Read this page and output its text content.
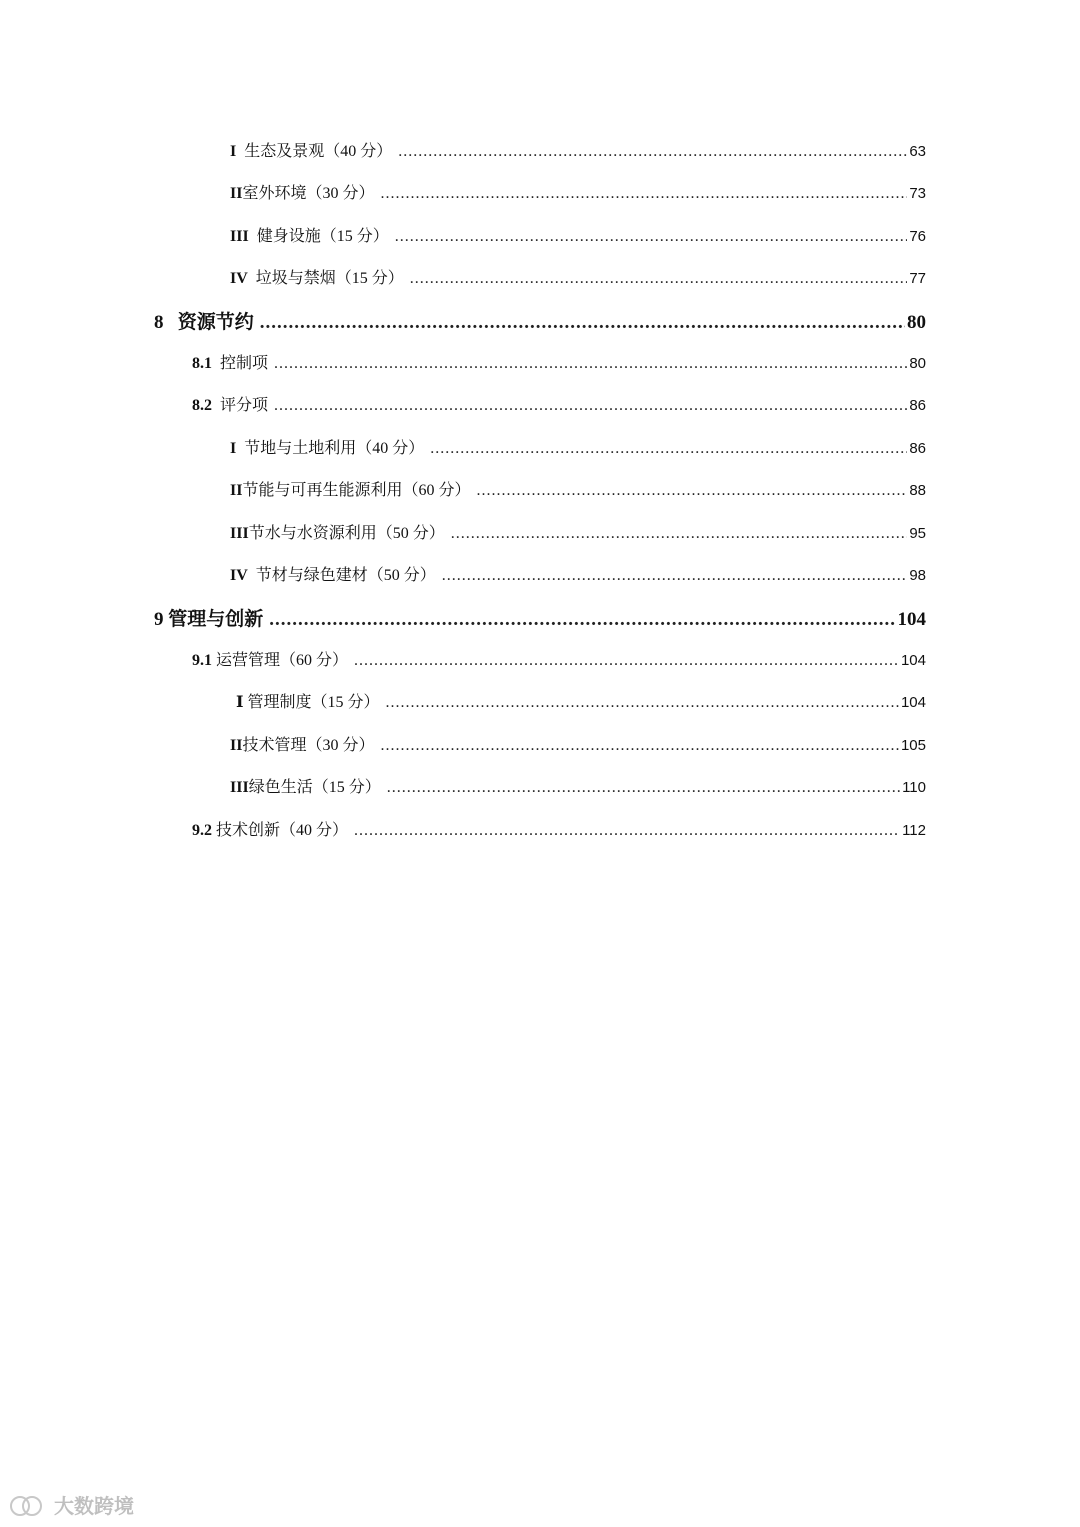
I 生态及景观（40 分） .....	63
II室外环境（30 分） .....	73
III 健身设施（15 分） .....	76
IV 垃圾与禁烟（15 分） .....	77
8 资源节约 .....	80
8.1 控制项 .....	80
8.2 评分项 .....	86
I 节地与土地利用（40 分） .....	86
II节能与可再生能源利用（60 分） .....	88
III节水与水资源利用（50 分） .....	95
IV 节材与绿色建材（50 分） .....	98
9 管理与创新 .....	104
9.1 运营管理（60 分） .....	104
Ⅰ 管理制度（15 分） .....	104
II技术管理（30 分） .....	105
III绿色生活（15 分） .....	110
9.2 技术创新（40 分） .....	112
大数跨境
